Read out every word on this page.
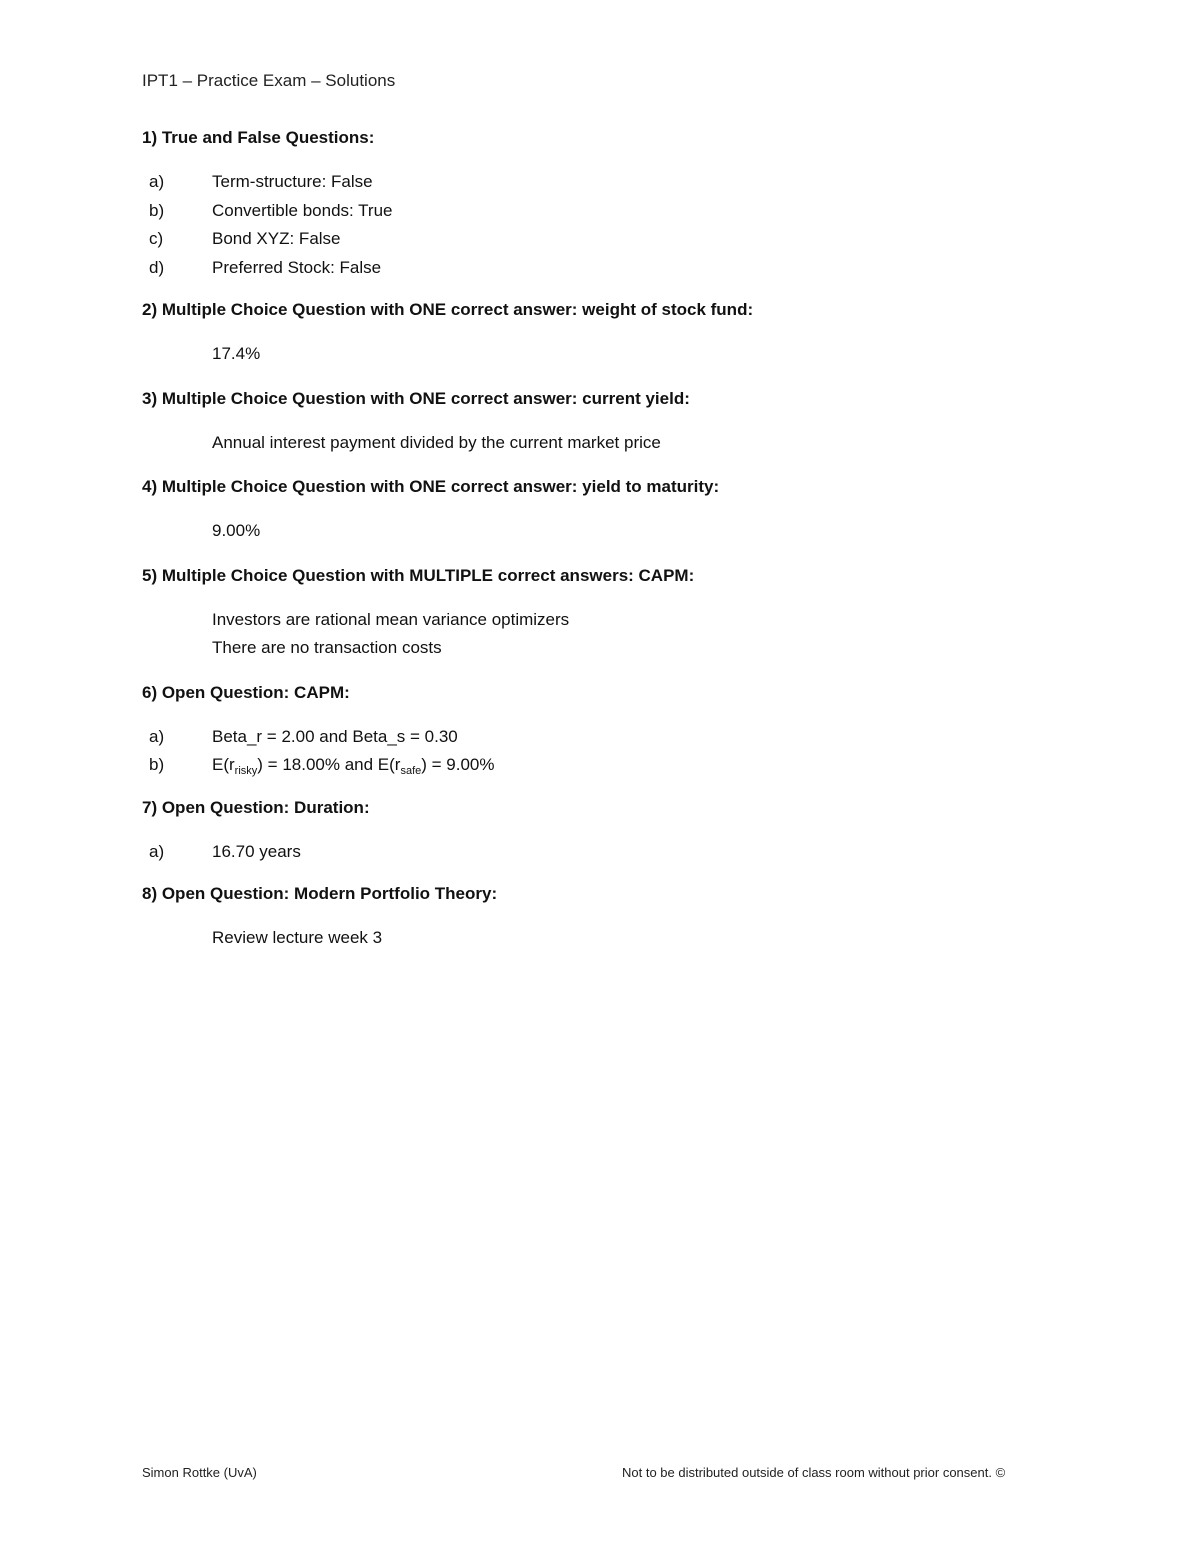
IPT1 – Practice Exam – Solutions
1) True and False Questions:
a)	Term-structure: False
b)	Convertible bonds: True
c)	Bond XYZ: False
d)	Preferred Stock: False
2) Multiple Choice Question with ONE correct answer: weight of stock fund:
17.4%
3) Multiple Choice Question with ONE correct answer: current yield:
Annual interest payment divided by the current market price
4) Multiple Choice Question with ONE correct answer: yield to maturity:
9.00%
5) Multiple Choice Question with MULTIPLE correct answers: CAPM:
Investors are rational mean variance optimizers
There are no transaction costs
6) Open Question: CAPM:
a)	Beta_r = 2.00 and Beta_s = 0.30
b)	$E(r_{risky}) = 18.00\%$ and $E(r_{safe}) = 9.00\%$
7) Open Question: Duration:
a)	16.70 years
8) Open Question: Modern Portfolio Theory:
Review lecture week 3
Simon Rottke (UvA)	Not to be distributed outside of class room without prior consent. ©
